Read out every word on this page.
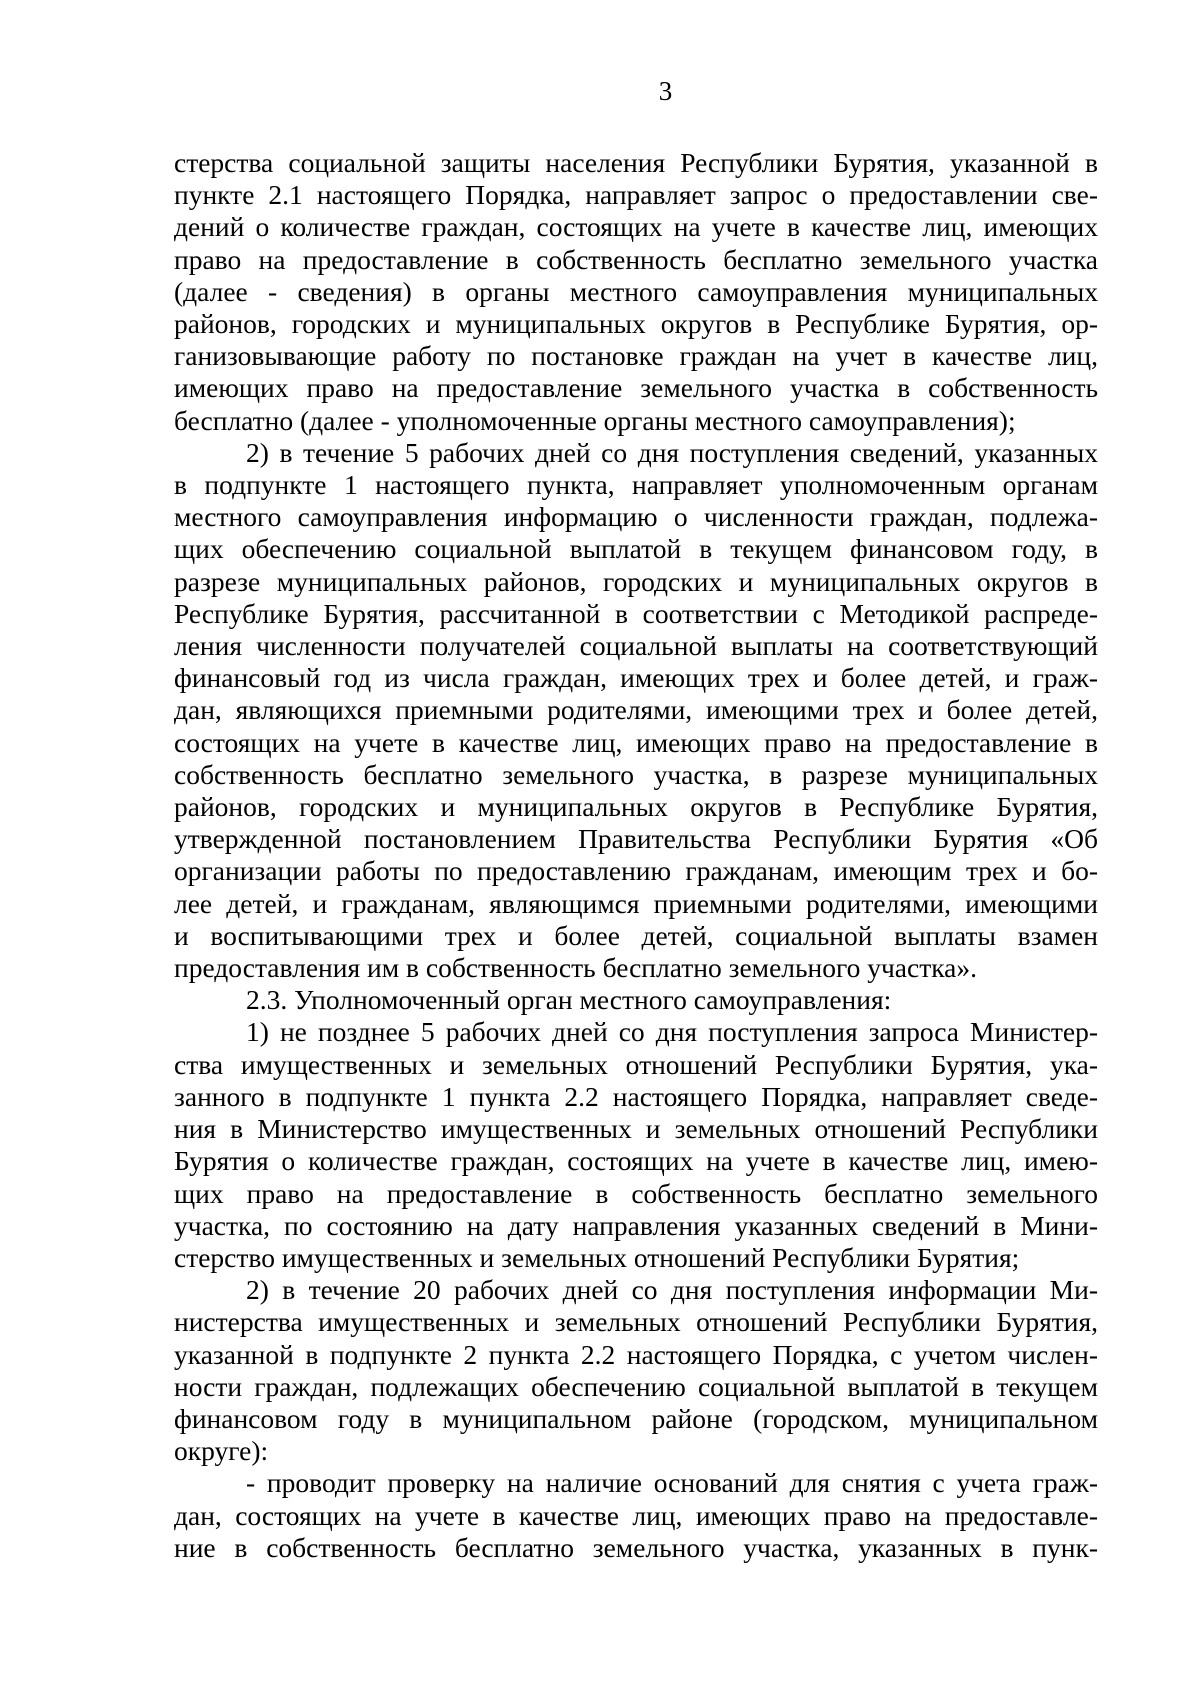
3
стерства социальной защиты населения Республики Бурятия, указанной в
пункте 2.1 настоящего Порядка, направляет запрос о предоставлении све-
дений о количестве граждан, состоящих на учете в качестве лиц, имеющих
право на предоставление в собственность бесплатно земельного участка
(далее - сведения) в органы местного самоуправления муниципальных
районов, городских и муниципальных округов в Республике Бурятия, ор-
ганизовывающие работу по постановке граждан на учет в качестве лиц,
имеющих право на предоставление земельного участка в собственность
бесплатно (далее - уполномоченные органы местного самоуправления);
2) в течение 5 рабочих дней со дня поступления сведений, указанных
в подпункте 1 настоящего пункта, направляет уполномоченным органам
местного самоуправления информацию о численности граждан, подлежа-
щих обеспечению социальной выплатой в текущем финансовом году, в
разрезе муниципальных районов, городских и муниципальных округов в
Республике Бурятия, рассчитанной в соответствии с Методикой распреде-
ления численности получателей социальной выплаты на соответствующий
финансовый год из числа граждан, имеющих трех и более детей, и граж-
дан, являющихся приемными родителями, имеющими трех и более детей,
состоящих на учете в качестве лиц, имеющих право на предоставление в
собственность бесплатно земельного участка, в разрезе муниципальных
районов, городских и муниципальных округов в Республике Бурятия,
утвержденной постановлением Правительства Республики Бурятия «Об
организации работы по предоставлению гражданам, имеющим трех и бо-
лее детей, и гражданам, являющимся приемными родителями, имеющими
и воспитывающими трех и более детей, социальной выплаты взамен
предоставления им в собственность бесплатно земельного участка».
2.3. Уполномоченный орган местного самоуправления:
1) не позднее 5 рабочих дней со дня поступления запроса Министер-
ства имущественных и земельных отношений Республики Бурятия, ука-
занного в подпункте 1 пункта 2.2 настоящего Порядка, направляет сведе-
ния в Министерство имущественных и земельных отношений Республики
Бурятия о количестве граждан, состоящих на учете в качестве лиц, имею-
щих право на предоставление в собственность бесплатно земельного
участка, по состоянию на дату направления указанных сведений в Мини-
стерство имущественных и земельных отношений Республики Бурятия;
2) в течение 20 рабочих дней со дня поступления информации Ми-
нистерства имущественных и земельных отношений Республики Бурятия,
указанной в подпункте 2 пункта 2.2 настоящего Порядка, с учетом числен-
ности граждан, подлежащих обеспечению социальной выплатой в текущем
финансовом году в муниципальном районе (городском, муниципальном
округе):
- проводит проверку на наличие оснований для снятия с учета граж-
дан, состоящих на учете в качестве лиц, имеющих право на предоставле-
ние в собственность бесплатно земельного участка, указанных в пунк-
